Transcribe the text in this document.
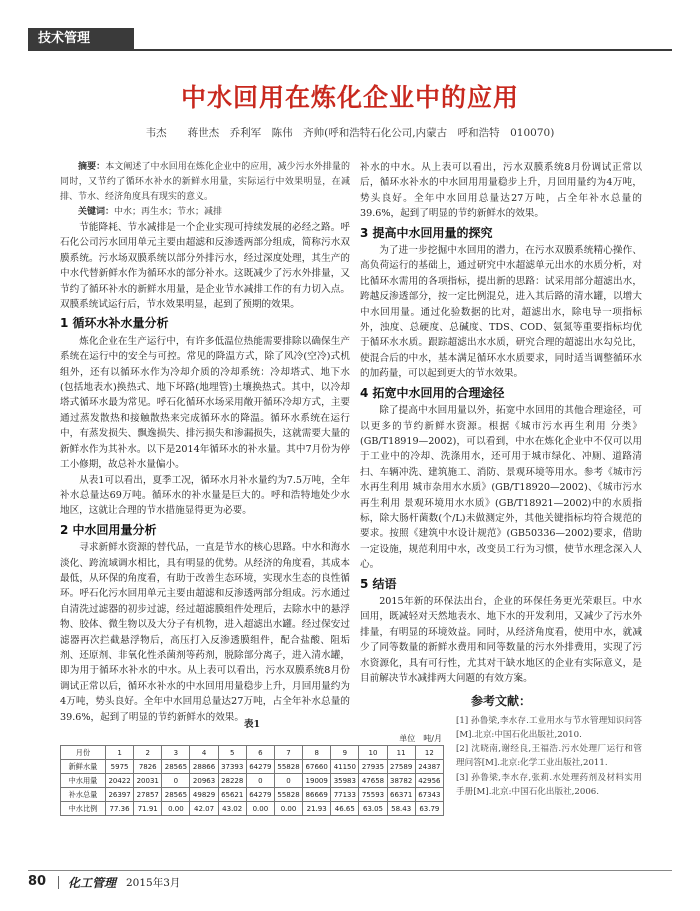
技术管理
中水回用在炼化企业中的应用
韦杰　　蒋世杰　乔利军　陈伟　齐帅(呼和浩特石化公司,内蒙古　呼和浩特　010070)

摘要：本文阐述了中水回用在炼化企业中的应用，减少污水外排量的同时，又节约了循环水补水的新鲜水用量，实际运行中效果明显，在减排、节水、经济角度具有现实的意义。

关键词：中水；再生水；节水；减排

节能降耗、节水减排是一个企业实现可持续发展的必经之路。呼石化公司污水回用单元主要由超滤和反渗透两部分组成，简称污水双膜系统。污水场双膜系统以部分外排污水，经过深度处理，其生产的中水代替新鲜水作为循环水的部分补水。这既减少了污水外排量，又节约了循环补水的新鲜水用量，是企业节水减排工作的有力切入点。双膜系统试运行后，节水效果明显，起到了预期的效果。

1 循环水补水量分析

炼化企业在生产运行中，有许多低温位热能需要排除以确保生产系统在运行中的安全与可控。常见的降温方式，除了风冷(空冷)式机组外，还有以循环水作为冷却介质的冷却系统：冷却塔式、地下水(包括地表水)换热式、地下坏路(地埋管)土壤换热式。其中，以冷却塔式循环水最为常见。呼石化循环水场采用敞开循环冷却方式，主要通过蒸发散热和接触散热来完成循环水的降温。循环水系统在运行中，有蒸发损失、飘逸损失、排污损失和渗漏损失，这就需要大量的新鲜水作为其补水。以下是2014年循环水的补水量。其中7月份为停工小修期，故总补水量偏小。

从表1可以看出，夏季工况，循环水月补水量约为7.5万吨，全年补水总量达69万吨。循环水的补水量是巨大的。呼和浩特地处少水地区，这就让合理的节水措施显得更为必要。

2 中水回用量分析

寻求新鲜水资源的替代品，一直是节水的核心思路。中水和海水淡化、跨流域调水相比，具有明显的优势。从经济的角度看，其成本最低，从环保的角度看，有助于改善生态环境，实现水生态的良性循环。呼石化污水回用单元主要由超滤和反渗透两部分组成。污水通过自清洗过滤器的初步过滤，经过超滤膜组件处理后，去除水中的悬浮物、胶体、微生物以及大分子有机物，进入超滤出水罐。经过保安过滤器再次拦截悬浮物后，高压打入反渗透膜组件，配合盐酸、阻垢剂、还原剂、非氧化性杀菌剂等药剂，脱除部分离子，进入清水罐，即为用于循环水补水的中水。从上表可以看出，污水双膜系统8月份调试正常以后，循环水补水的中水回用用量稳步上升，月回用量约为4万吨，势头良好。全年中水回用总量达27万吨，占全年补水总量的39.6%，起到了明显的节约新鲜水的效果。

补水的中水。从上表可以看出，污水双膜系统8月份调试正常以后，循环水补水的中水回用用量稳步上升，月回用量约为4万吨，势头良好。全年中水回用总量达27万吨，占全年补水总量的39.6%，起到了明显的节约新鲜水的效果。

3 提高中水回用量的探究

为了进一步挖掘中水回用的潜力，在污水双膜系统精心操作、高负荷运行的基础上，通过研究中水超滤单元出水的水质分析，对比循环水需用的各项指标，提出新的思路：试采用部分超滤出水，跨越反渗透部分，按一定比例混兑，进入其后路的清水罐，以增大中水回用量。通过化验数据的比对，超滤出水，除电导一项指标外，浊度、总硬度、总碱度、TDS、COD、氨氮等重要指标均优于循环水水质。跟踪超滤出水水质，研究合理的超滤出水勾兑比，使混合后的中水，基本满足循环水水质要求，同时适当调整循环水的加药量，可以起到更大的节水效果。

4 拓宽中水回用的合理途径

除了提高中水回用量以外，拓宽中水回用的其他合理途径，可以更多的节约新鲜水资源。根据《城市污水再生利用 分类》(GB/T18919—2002)，可以看到，中水在炼化企业中不仅可以用于工业中的冷却、洗涤用水，还可用于城市绿化、冲厕、道路清扫、车辆冲洗、建筑施工、消防、景观环境等用水。参考《城市污水再生利用 城市杂用水水质》(GB/T18920—2002)、《城市污水再生利用 景观环境用水水质》(GB/T18921—2002)中的水质指标，除大肠杆菌数(个/L)未做测定外，其他关键指标均符合规范的要求。按照《建筑中水设计规范》(GB50336—2002)要求，借助一定设施，规范利用中水，改变员工行为习惯，使节水理念深入人心。

5 结语

2015年新的环保法出台，企业的环保任务更光荣艰巨。中水回用，既减轻对天然地表水、地下水的开发利用，又减少了污水外排量，有明显的环境效益。同时，从经济角度看，使用中水，就减少了同等数量的新鲜水费用和同等数量的污水外排费用，实现了污水资源化，具有可行性，尤其对干缺水地区的企业有实际意义，是目前解决节水减排两大问题的有效方案。

参考文献：

[1] 孙鲁梁,李水存.工业用水与节水管理知识问答[M].北京:中国石化出版社,2010.

[2] 沈晓南,谢经良,王福浩.污水处理厂运行和管理问答[M].北京:化学工业出版社,2011.

[3] 孙鲁梁,李水存,张莉.水处理药剂及材料实用手册[M].北京:中国石化出版社,2006.

表1
单位　吨/月
月份	1	2	3	4	5	6	7	8	9	10	11	12
新鲜水量	5975	7826	28565	28866	37393	64279	55828	67660	41150	27935	27589	24387
中水用量	20422	20031	0	20963	28228	0	0	19009	35983	47658	38782	42956
补水总量	26397	27857	28565	49829	65621	64279	55828	86669	77133	75593	66371	67343
中水比例	77.36	71.91	0.00	42.07	43.02	0.00	0.00	21.93	46.65	63.05	58.43	63.79
80 化工管理 2015年3月
